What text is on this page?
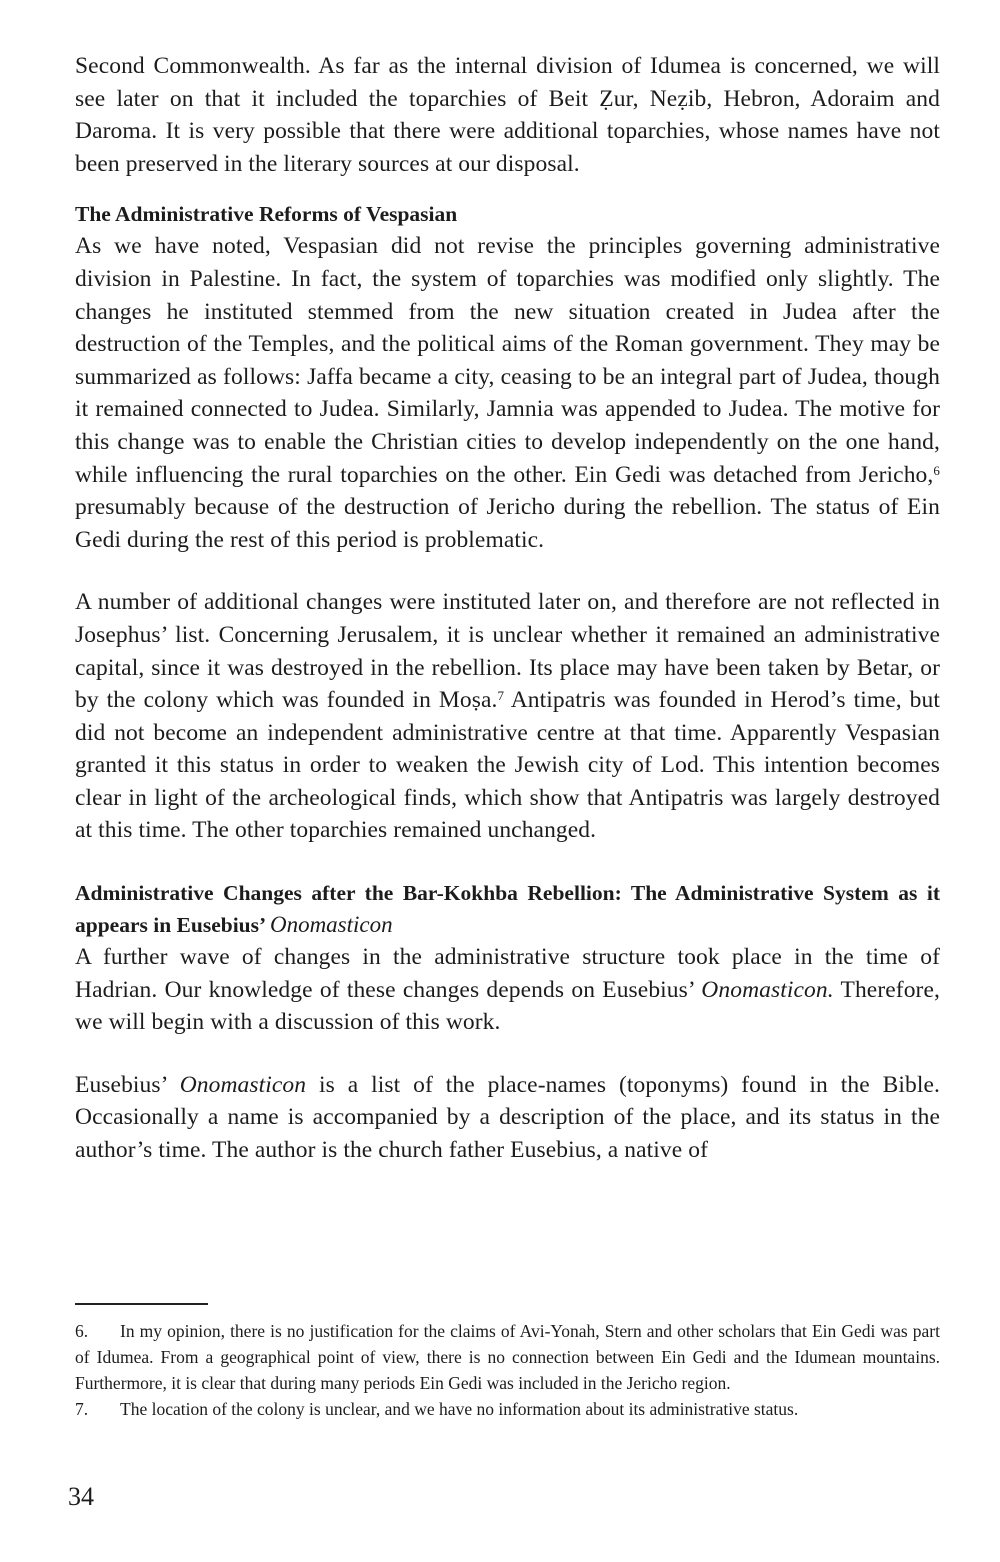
Second Commonwealth. As far as the internal division of Idumea is concerned, we will see later on that it included the toparchies of Beit Ẓur, Neẓib, Hebron, Adoraim and Daroma. It is very possible that there were additional toparchies, whose names have not been preserved in the literary sources at our disposal.

The Administrative Reforms of Vespasian

As we have noted, Vespasian did not revise the principles governing administrative division in Palestine. In fact, the system of toparchies was modified only slightly. The changes he instituted stemmed from the new situation created in Judea after the destruction of the Temples, and the political aims of the Roman government. They may be summarized as follows: Jaffa became a city, ceasing to be an integral part of Judea, though it remained connected to Judea. Similarly, Jamnia was appended to Judea. The motive for this change was to enable the Christian cities to develop independently on the one hand, while influencing the rural toparchies on the other. Ein Gedi was detached from Jericho,$^6$ presumably because of the destruction of Jericho during the rebellion. The status of Ein Gedi during the rest of this period is problematic.

A number of additional changes were instituted later on, and therefore are not reflected in Josephus’ list. Concerning Jerusalem, it is unclear whether it remained an administrative capital, since it was destroyed in the rebellion. Its place may have been taken by Betar, or by the colony which was founded in Moṣa.$^7$ Antipatris was founded in Herod’s time, but did not become an independent administrative centre at that time. Apparently Vespasian granted it this status in order to weaken the Jewish city of Lod. This intention becomes clear in light of the archeological finds, which show that Antipatris was largely destroyed at this time. The other toparchies remained unchanged.

Administrative Changes after the Bar-Kokhba Rebellion: The Administrative System as it appears in Eusebius’ Onomasticon

A further wave of changes in the administrative structure took place in the time of Hadrian. Our knowledge of these changes depends on Eusebius’ Onomasticon. Therefore, we will begin with a discussion of this work.

Eusebius’ Onomasticon is a list of the place-names (toponyms) found in the Bible. Occasionally a name is accompanied by a description of the place, and its status in the author’s time. The author is the church father Eusebius, a native of

6. In my opinion, there is no justification for the claims of Avi-Yonah, Stern and other scholars that Ein Gedi was part of Idumea. From a geographical point of view, there is no connection between Ein Gedi and the Idumean mountains. Furthermore, it is clear that during many periods Ein Gedi was included in the Jericho region.

7. The location of the colony is unclear, and we have no information about its administrative status.

34
